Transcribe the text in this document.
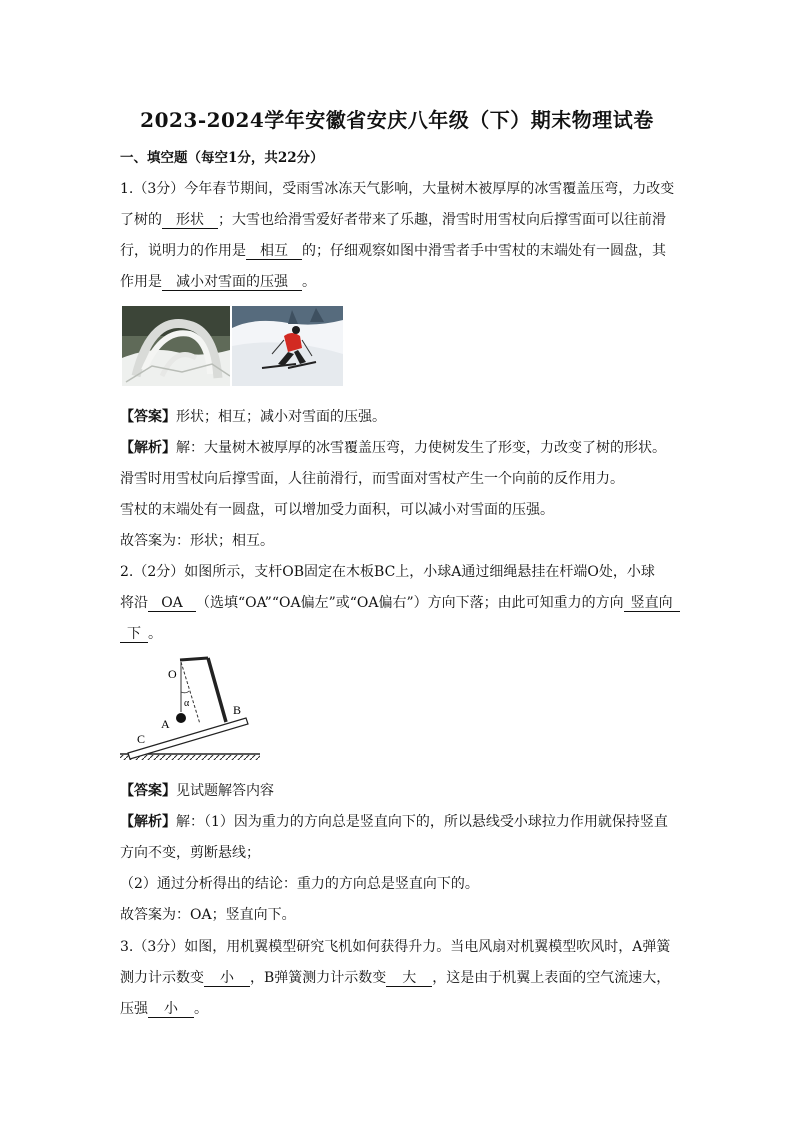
2023-2024学年安徽省安庆八年级（下）期末物理试卷
一、填空题（每空1分，共22分）
1.（3分）今年春节期间，受雨雪冰冻天气影响，大量树木被厚厚的冰雪覆盖压弯，力改变
了树的 形状 ；大雪也给滑雪爱好者带来了乐趣，滑雪时用雪杖向后撑雪面可以往前滑
行，说明力的作用是 相互 的；仔细观察如图中滑雪者手中雪杖的末端处有一圆盘，其
作用是 减小对雪面的压强 。
【答案】形状；相互；减小对雪面的压强。
【解析】解：大量树木被厚厚的冰雪覆盖压弯，力使树发生了形变，力改变了树的形状。
滑雪时用雪杖向后撑雪面，人往前滑行，而雪面对雪杖产生一个向前的反作用力。
雪杖的末端处有一圆盘，可以增加受力面积，可以减小对雪面的压强。
故答案为：形状；相互。
2.（2分）如图所示，支杆OB固定在木板BC上，小球A通过细绳悬挂在杆端O处，小球
将沿 OA （选填“OA”“OA偏左”或“OA偏右”）方向下落；由此可知重力的方向 竖直向
下 。
O
α
A
B
C
【答案】见试题解答内容
【解析】解：（1）因为重力的方向总是竖直向下的，所以悬线受小球拉力作用就保持竖直
方向不变，剪断悬线；
（2）通过分析得出的结论：重力的方向总是竖直向下的。
故答案为：OA；竖直向下。
3.（3分）如图，用机翼模型研究飞机如何获得升力。当电风扇对机翼模型吹风时，A弹簧
测力计示数变 小 ，B弹簧测力计示数变 大 ，这是由于机翼上表面的空气流速大，
压强 小 。
